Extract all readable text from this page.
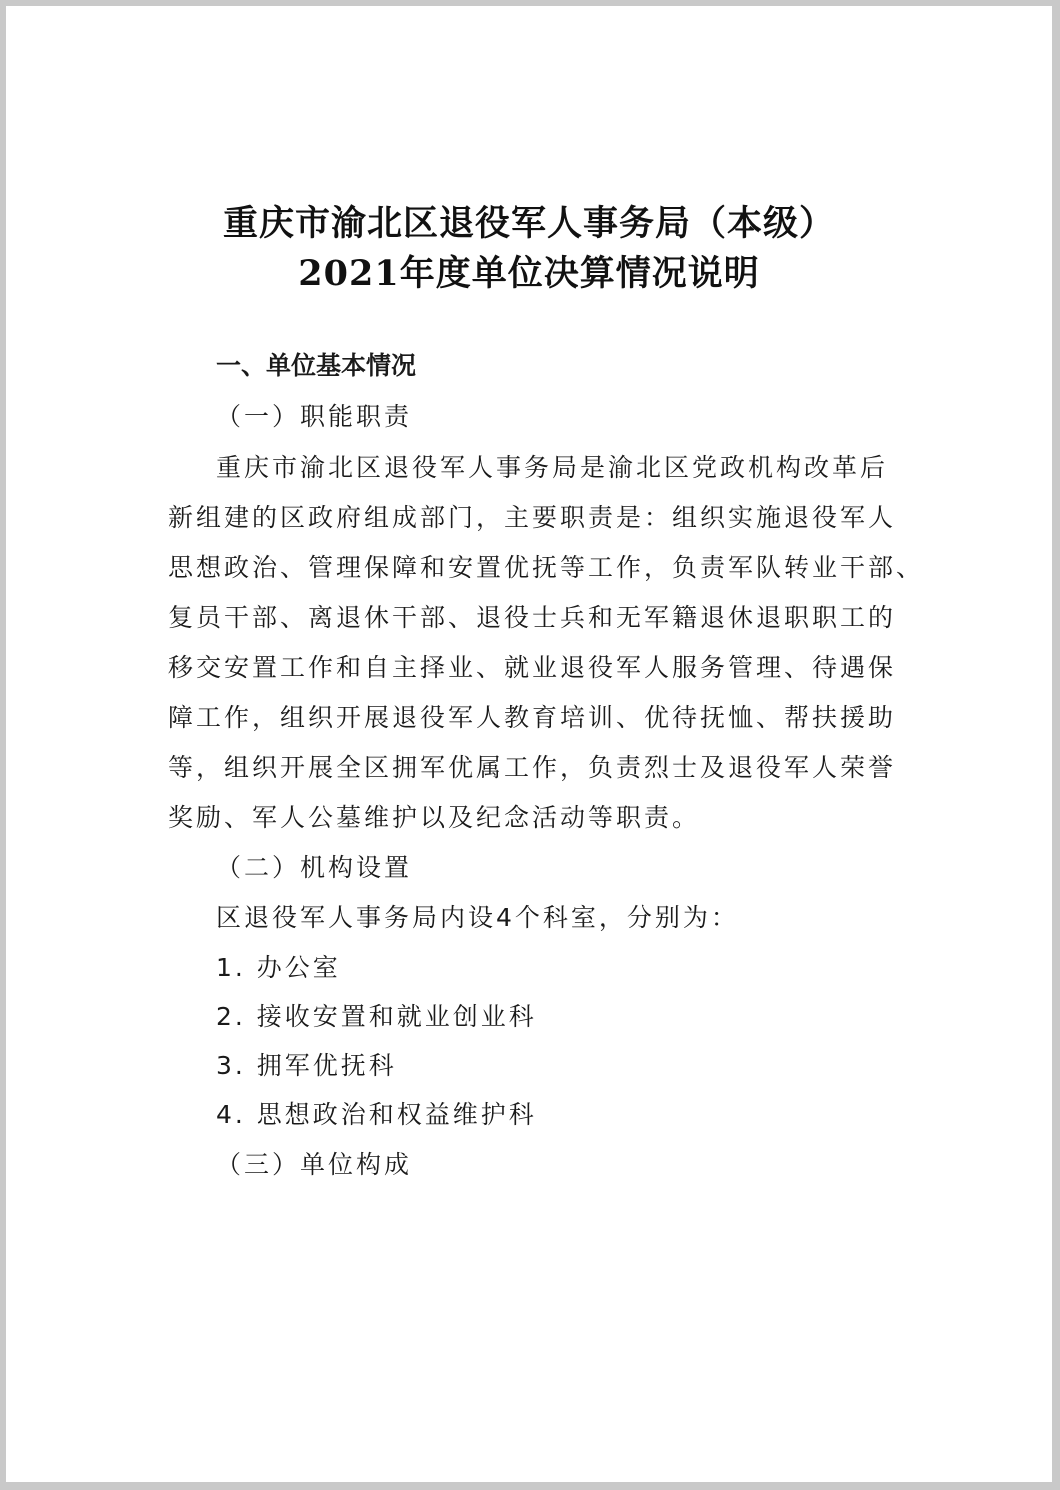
重庆市渝北区退役军人事务局（本级）
2021年度单位决算情况说明
一、单位基本情况
（一）职能职责
重庆市渝北区退役军人事务局是渝北区党政机构改革后
新组建的区政府组成部门，主要职责是：组织实施退役军人
思想政治、管理保障和安置优抚等工作，负责军队转业干部、
复员干部、离退休干部、退役士兵和无军籍退休退职职工的
移交安置工作和自主择业、就业退役军人服务管理、待遇保
障工作，组织开展退役军人教育培训、优待抚恤、帮扶援助
等，组织开展全区拥军优属工作，负责烈士及退役军人荣誉
奖励、军人公墓维护以及纪念活动等职责。
（二）机构设置
区退役军人事务局内设4个科室，分别为：
1. 办公室
2. 接收安置和就业创业科
3. 拥军优抚科
4. 思想政治和权益维护科
（三）单位构成
